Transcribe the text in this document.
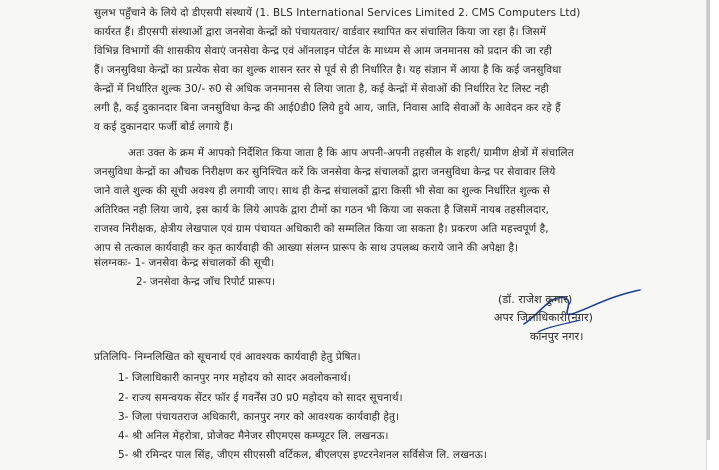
सुलभ पहुँचाने के लिये दो डीएसपी संस्थायें (1. BLS International Services Limited 2. CMS Computers Ltd)
कार्यरत हैं। डीएसपी संस्थाओं द्वारा जनसेवा केन्द्रों को पंचायतवार/ वार्डवार स्थापित कर संचालित किया जा रहा है। जिसमें
विभिन्न विभागों की शासकीय सेवाएं जनसेवा केन्द्र एवं ऑनलाइन पोर्टल के माध्यम से आम जनमानस को प्रदान की जा रही
हैं। जनसुविधा केन्द्रों का प्रत्येक सेवा का शुल्क शासन स्तर से पूर्व से ही निर्धारित है। यह संज्ञान में आया है कि कई जनसुविधा
केन्द्रों में निर्धारित शुल्क 30/- रु0 से अधिक जनमानस से लिया जाता है, कई केन्द्रों में सेवाओं की निर्धारित रेट लिस्ट नही
लगी है, कई दुकानदार बिना जनसुविधा केन्द्र की आई0डी0 लिये हुये आय, जाति, निवास आदि सेवाओं के आवेदन कर रहे हैं
व कई दुकानदार फर्जी बोर्ड लगाये हैं।
अतः उक्त के क्रम में आपको निर्देशित किया जाता है कि आप अपनी-अपनी तहसील के शहरी/ ग्रामीण क्षेत्रों में संचालित
जनसुविधा केन्द्रों का औचक निरीक्षण कर सुनिश्चित करें कि जनसेवा केन्द्र संचालकों द्वारा जनसुविधा केन्द्र पर सेवावार लिये
जाने वाले शुल्क की सूची अवश्य ही लगायी जाए। साथ ही केन्द्र संचालकों द्वारा किसी भी सेवा का शुल्क निर्धारित शुल्क से
अतिरिक्त नही लिया जाये, इस कार्य के लिये आपके द्वारा टीमों का गठन भी किया जा सकता है जिसमें नायब तहसीलदार,
राजस्व निरीक्षक, क्षेत्रीय लेखपाल एवं ग्राम पंचायत अधिकारी को सम्मलित किया जा सकता है। प्रकरण अति महत्त्वपूर्ण है,
आप से तत्काल कार्यवाही कर कृत कार्यवाही की आख्या संलग्न प्रारूप के साथ उपलब्ध कराये जाने की अपेक्षा है।
संलग्नकः- 1- जनसेवा केन्द्र संचालकों की सूची।
2- जनसेवा केन्द्र जाँच रिपोर्ट प्रारूप।
(डॉ. राजेश कुमार)
अपर जिलाधिकारी(नगर)
कानपुर नगर।
प्रतिलिपि- निम्नलिखित को सूचनार्थ एवं आवश्यक कार्यवाही हेतु प्रेषित।
1- जिलाधिकारी कानपुर नगर महोदय को सादर अवलोकनार्थ।
2- राज्य समन्वयक सेंटर फॉर ई गवर्नेंस उ0 प्र0 महोदय को सादर सूचनार्थ।
3- जिला पंचायतराज अधिकारी, कानपुर नगर को आवश्यक कार्यवाही हेतु।
4- श्री अनिल मेहरोत्रा, प्रोजेक्ट मैनेजर सीएमएस कम्प्यूटर लि. लखनऊ।
5- श्री रमिन्दर पाल सिंह, जीएम सीएससी वर्टिकल, बीएलएस इण्टरनेशनल सर्विसेज लि. लखनऊ।
